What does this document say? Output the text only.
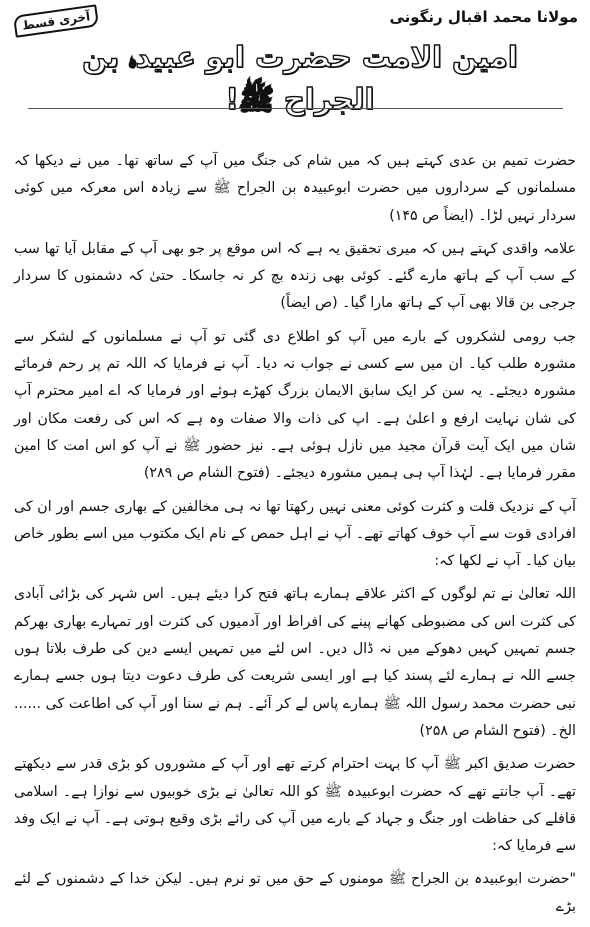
مولانا محمد اقبال رنگونی
آخری قسط
امین الامت حضرت ابو عبیدہ بن الجراح ﷺ!

حضرت تمیم بن عدی کہتے ہیں کہ میں شام کی جنگ میں آپ کے ساتھ تھا۔ میں نے دیکھا کہ مسلمانوں کے سرداروں میں حضرت ابوعبیدہ بن الجراح ﷺ سے زیادہ اس معرکہ میں کوئی سردار نہیں لڑا۔ (ایضاً ص ۱۴۵)

علامہ واقدی کہتے ہیں کہ میری تحقیق یہ ہے کہ اس موقع پر جو بھی آپ کے مقابل آیا تھا سب کے سب آپ کے ہاتھ مارے گئے۔ کوئی بھی زندہ بچ کر نہ جاسکا۔ حتیٰ کہ دشمنوں کا سردار جرجی بن قالا بھی آپ کے ہاتھ مارا گیا۔ (ص ایضاً)

جب رومی لشکروں کے بارے میں آپ کو اطلاع دی گئی تو آپ نے مسلمانوں کے لشکر سے مشورہ طلب کیا۔ ان میں سے کسی نے جواب نہ دیا۔ آپ نے فرمایا کہ اللہ تم پر رحم فرمائے مشورہ دیجئے۔ یہ سن کر ایک سابق الایمان بزرگ کھڑے ہوئے اور فرمایا کہ اے امیر محترم آپ کی شان نہایت ارفع و اعلیٰ ہے۔ اپ کی ذات والا صفات وہ ہے کہ اس کی رفعت مکان اور شان میں ایک آیت قرآن مجید میں نازل ہوئی ہے۔ نیز حضور ﷺ نے آپ کو اس امت کا امین مقرر فرمایا ہے۔ لہٰذا آپ ہی ہمیں مشورہ دیجئے۔ (فتوح الشام ص ۲۸۹)

آپ کے نزدیک قلت و کثرت کوئی معنی نہیں رکھتا تھا نہ ہی مخالفین کے بھاری جسم اور ان کی افرادی قوت سے آپ خوف کھاتے تھے۔ آپ نے اہل حمص کے نام ایک مکتوب میں اسے بطور خاص بیان کیا۔ آپ نے لکھا کہ:

اللہ تعالیٰ نے تم لوگوں کے اکثر علاقے ہمارے ہاتھ فتح کرا دیئے ہیں۔ اس شہر کی بڑائی آبادی کی کثرت اس کی مضبوطی کھانے پینے کی افراط اور آدمیوں کی کثرت اور تمہارے بھاری بھرکم جسم تمہیں کہیں دھوکے میں نہ ڈال دیں۔ اس لئے میں تمہیں ایسے دین کی طرف بلاتا ہوں جسے اللہ نے ہمارے لئے پسند کیا ہے اور ایسی شریعت کی طرف دعوت دیتا ہوں جسے ہمارے نبی حضرت محمد رسول اللہ ﷺ ہمارے پاس لے کر آئے۔ ہم نے سنا اور آپ کی اطاعت کی ...... الخ۔ (فتوح الشام ص ۲۵۸)

حضرت صدیق اکبر ﷺ آپ کا بہت احترام کرتے تھے اور آپ کے مشوروں کو بڑی قدر سے دیکھتے تھے۔ آپ جانتے تھے کہ حضرت ابوعبیدہ ﷺ کو اللہ تعالیٰ نے بڑی خوبیوں سے نوازا ہے۔ اسلامی قافلے کی حفاظت اور جنگ و جہاد کے بارے میں آپ کی رائے بڑی وقیع ہوتی ہے۔ آپ نے ایک وفد سے فرمایا کہ:

"حضرت ابوعبیدہ بن الجراح ﷺ مومنوں کے حق میں تو نرم ہیں۔ لیکن خدا کے دشمنوں کے لئے بڑے
